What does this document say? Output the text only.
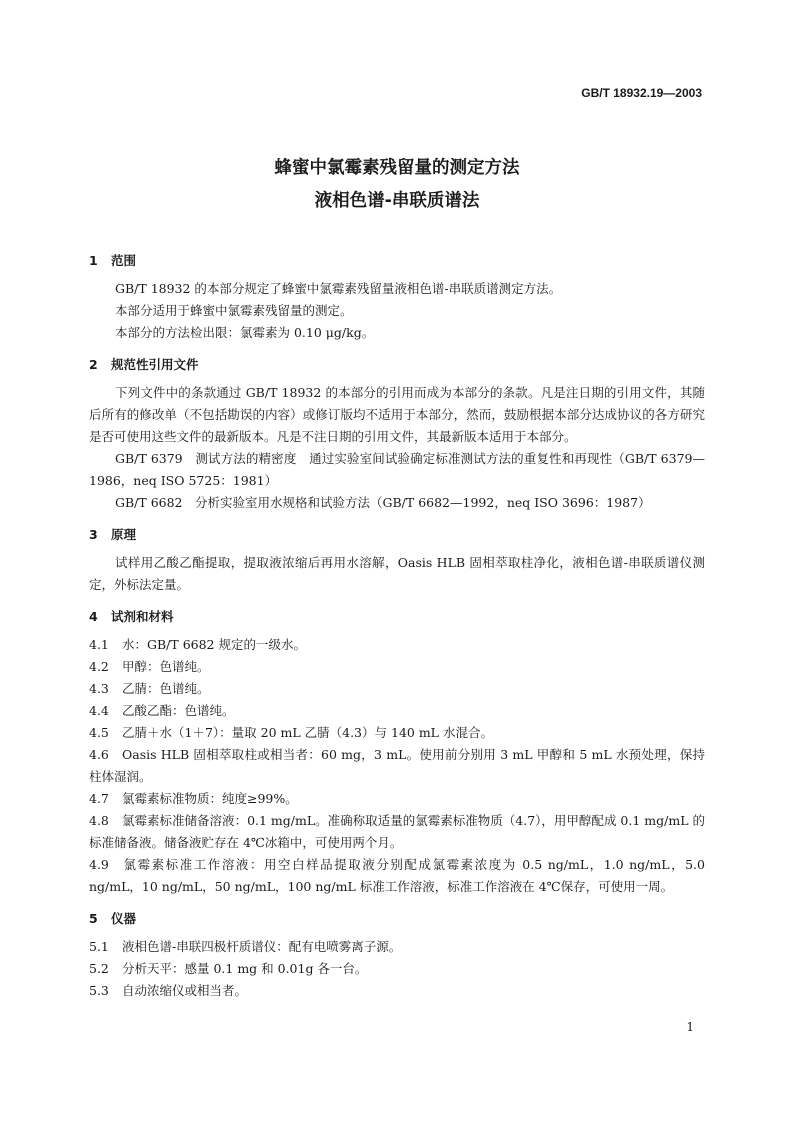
GB/T 18932.19—2003
蜂蜜中氯霉素残留量的测定方法
液相色谱-串联质谱法
1 范围
GB/T 18932 的本部分规定了蜂蜜中氯霉素残留量液相色谱-串联质谱测定方法。
本部分适用于蜂蜜中氯霉素残留量的测定。
本部分的方法检出限：氯霉素为 0.10 μg/kg。
2 规范性引用文件
下列文件中的条款通过 GB/T 18932 的本部分的引用而成为本部分的条款。凡是注日期的引用文件，其随后所有的修改单（不包括勘误的内容）或修订版均不适用于本部分，然而，鼓励根据本部分达成协议的各方研究是否可使用这些文件的最新版本。凡是不注日期的引用文件，其最新版本适用于本部分。
GB/T 6379　测试方法的精密度　通过实验室间试验确定标准测试方法的重复性和再现性（GB/T 6379—1986，neq ISO 5725：1981）
GB/T 6682　分析实验室用水规格和试验方法（GB/T 6682—1992，neq ISO 3696：1987）
3 原理
试样用乙酸乙酯提取，提取液浓缩后再用水溶解，Oasis HLB 固相萃取柱净化，液相色谱-串联质谱仪测定，外标法定量。
4 试剂和材料
4.1 水：GB/T 6682 规定的一级水。
4.2 甲醇：色谱纯。
4.3 乙腈：色谱纯。
4.4 乙酸乙酯：色谱纯。
4.5 乙腈＋水（1＋7）：量取 20 mL 乙腈（4.3）与 140 mL 水混合。
4.6 Oasis HLB 固相萃取柱或相当者：60 mg，3 mL。使用前分别用 3 mL 甲醇和 5 mL 水预处理，保持柱体湿润。
4.7 氯霉素标准物质：纯度≥99%。
4.8 氯霉素标准储备溶液：0.1 mg/mL。准确称取适量的氯霉素标准物质（4.7），用甲醇配成 0.1 mg/mL 的标准储备液。储备液贮存在 4℃冰箱中，可使用两个月。
4.9 氯霉素标准工作溶液：用空白样品提取液分别配成氯霉素浓度为 0.5 ng/mL，1.0 ng/mL，5.0 ng/mL，10 ng/mL，50 ng/mL，100 ng/mL 标准工作溶液，标准工作溶液在 4℃保存，可使用一周。
5 仪器
5.1 液相色谱-串联四极杆质谱仪：配有电喷雾离子源。
5.2 分析天平：感量 0.1 mg 和 0.01g 各一台。
5.3 自动浓缩仪或相当者。
1
